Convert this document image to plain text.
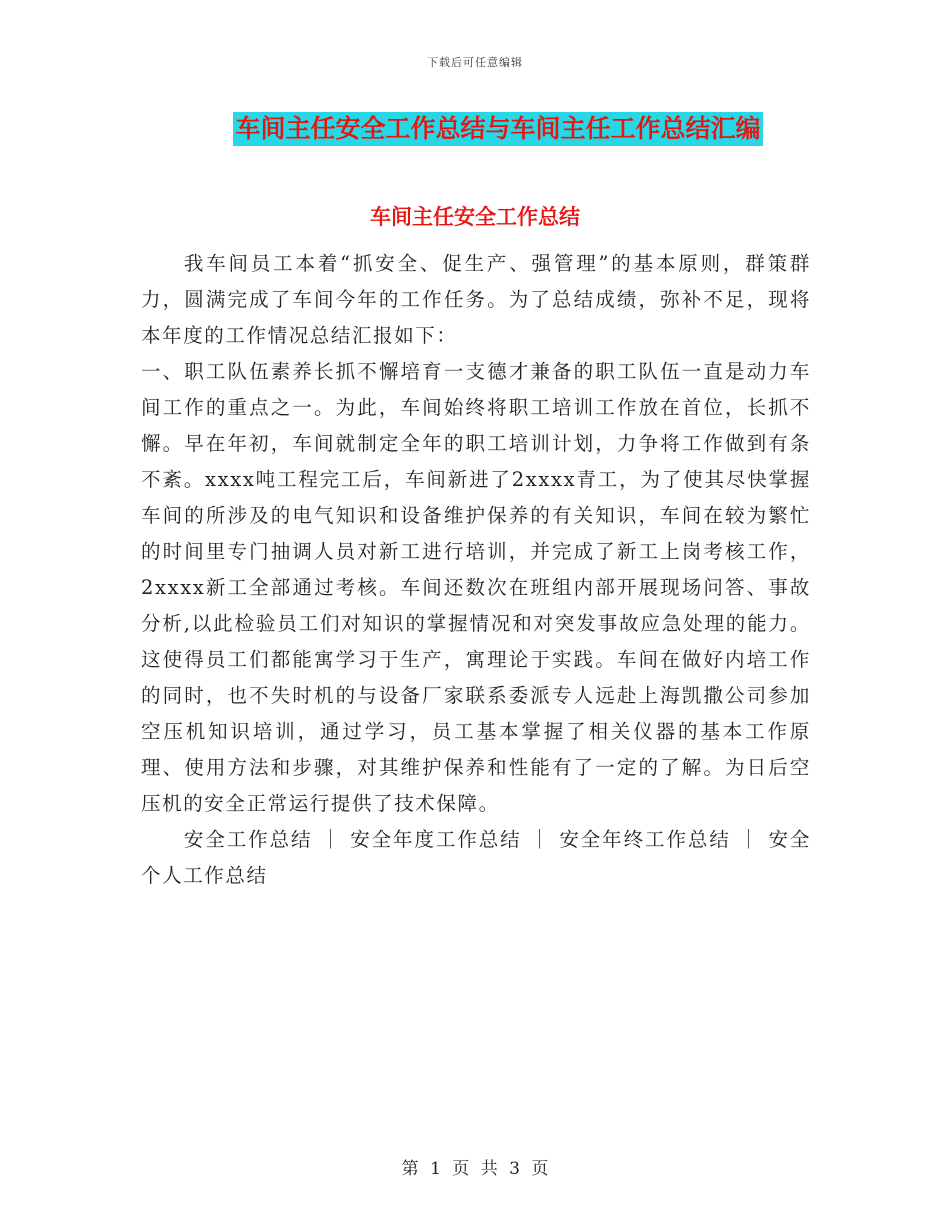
下载后可任意编辑
车间主任安全工作总结与车间主任工作总结汇编
车间主任安全工作总结

我车间员工本着“抓安全、促生产、强管理”的基本原则，群策群力，圆满完成了车间今年的工作任务。为了总结成绩，弥补不足，现将本年度的工作情况总结汇报如下：

一、职工队伍素养长抓不懈培育一支德才兼备的职工队伍一直是动力车间工作的重点之一。为此，车间始终将职工培训工作放在首位，长抓不懈。早在年初，车间就制定全年的职工培训计划，力争将工作做到有条不紊。xxxx吨工程完工后，车间新进了2xxxx青工，为了使其尽快掌握车间的所涉及的电气知识和设备维护保养的有关知识，车间在较为繁忙的时间里专门抽调人员对新工进行培训，并完成了新工上岗考核工作，2xxxx新工全部通过考核。车间还数次在班组内部开展现场问答、事故分析,以此检验员工们对知识的掌握情况和对突发事故应急处理的能力。这使得员工们都能寓学习于生产，寓理论于实践。车间在做好内培工作的同时，也不失时机的与设备厂家联系委派专人远赴上海凯撒公司参加空压机知识培训，通过学习，员工基本掌握了相关仪器的基本工作原理、使用方法和步骤，对其维护保养和性能有了一定的了解。为日后空压机的安全正常运行提供了技术保障。

安全工作总结 ｜ 安全年度工作总结 ｜ 安全年终工作总结 ｜ 安全个人工作总结

第 1 页 共 3 页
